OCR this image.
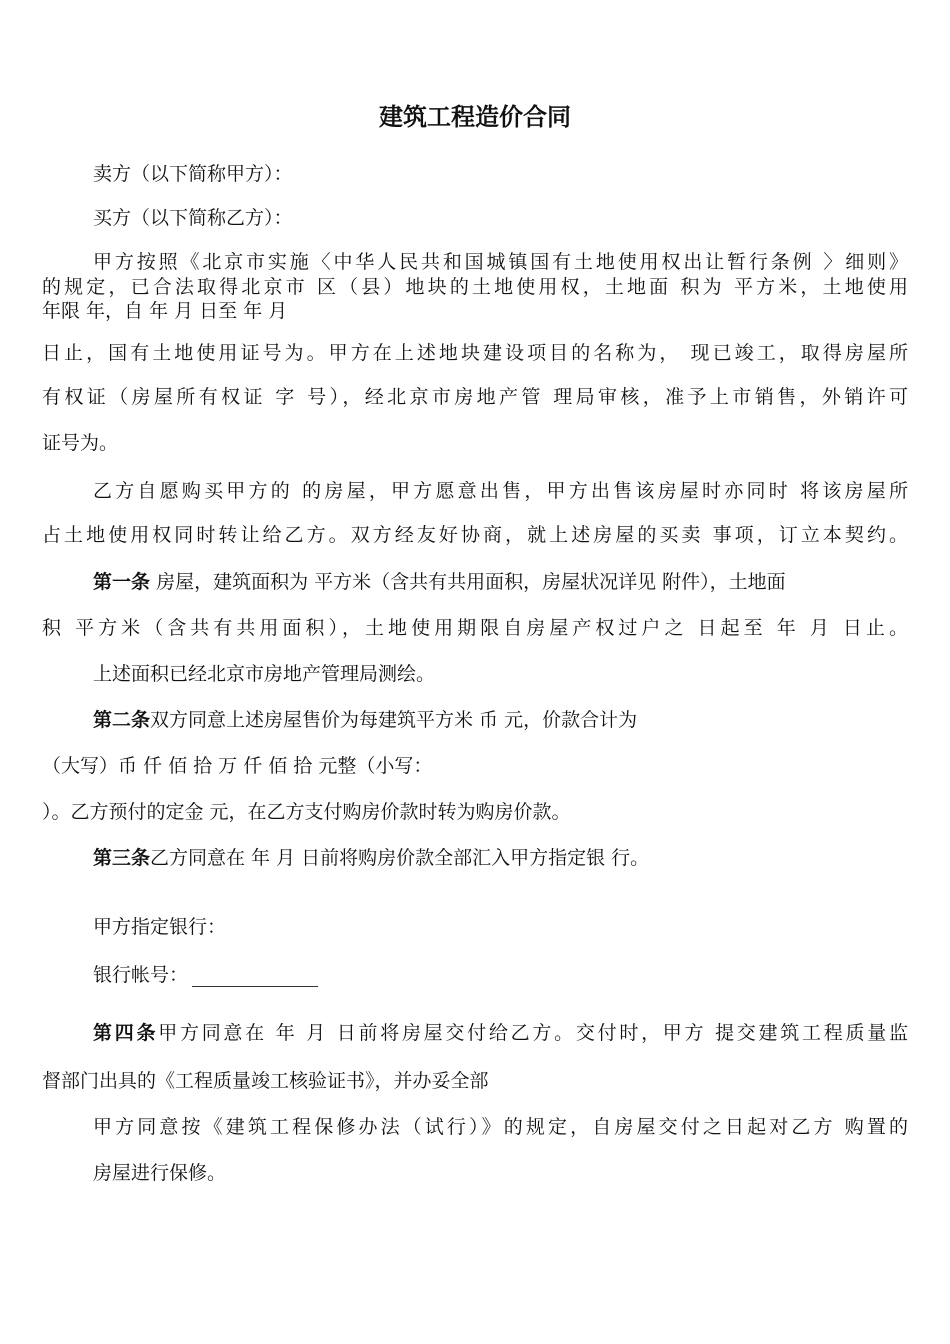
建筑工程造价合同
卖方（以下简称甲方）：
买方（以下简称乙方）：
甲方按照《北京市实施〈中华人民共和国城镇国有土地使用权出让暂行条例 〉细则》
的规定，已合法取得北京市 区（县）地块的土地使用权，土地面 积为 平方米，土地使用
年限 年，自 年 月 日至 年 月
日止，国有土地使用证号为。甲方在上述地块建设项目的名称为， 现已竣工，取得房屋所
有权证（房屋所有权证 字 号），经北京市房地产管 理局审核，准予上市销售，外销许可
证号为。
乙方自愿购买甲方的 的房屋，甲方愿意出售，甲方出售该房屋时亦同时 将该房屋所
占土地使用权同时转让给乙方。双方经友好协商，就上述房屋的买卖 事项，订立本契约。
第一条 房屋，建筑面积为 平方米（含共有共用面积，房屋状况详见 附件），土地面
积 平方米（含共有共用面积），土地使用期限自房屋产权过户之 日起至 年 月 日止。
上述面积已经北京市房地产管理局测绘。
第二条双方同意上述房屋售价为每建筑平方米 币 元，价款合计为
（大写）币 仟 佰 拾 万 仟 佰 拾 元整（小写：
）。乙方预付的定金 元，在乙方支付购房价款时转为购房价款。
第三条乙方同意在 年 月 日前将购房价款全部汇入甲方指定银 行。
甲方指定银行：
银行帐号：
第四条甲方同意在 年 月 日前将房屋交付给乙方。交付时，甲方 提交建筑工程质量监
督部门出具的《工程质量竣工核验证书》，并办妥全部
甲方同意按《建筑工程保修办法（试行）》的规定，自房屋交付之日起对乙方 购置的
房屋进行保修。
